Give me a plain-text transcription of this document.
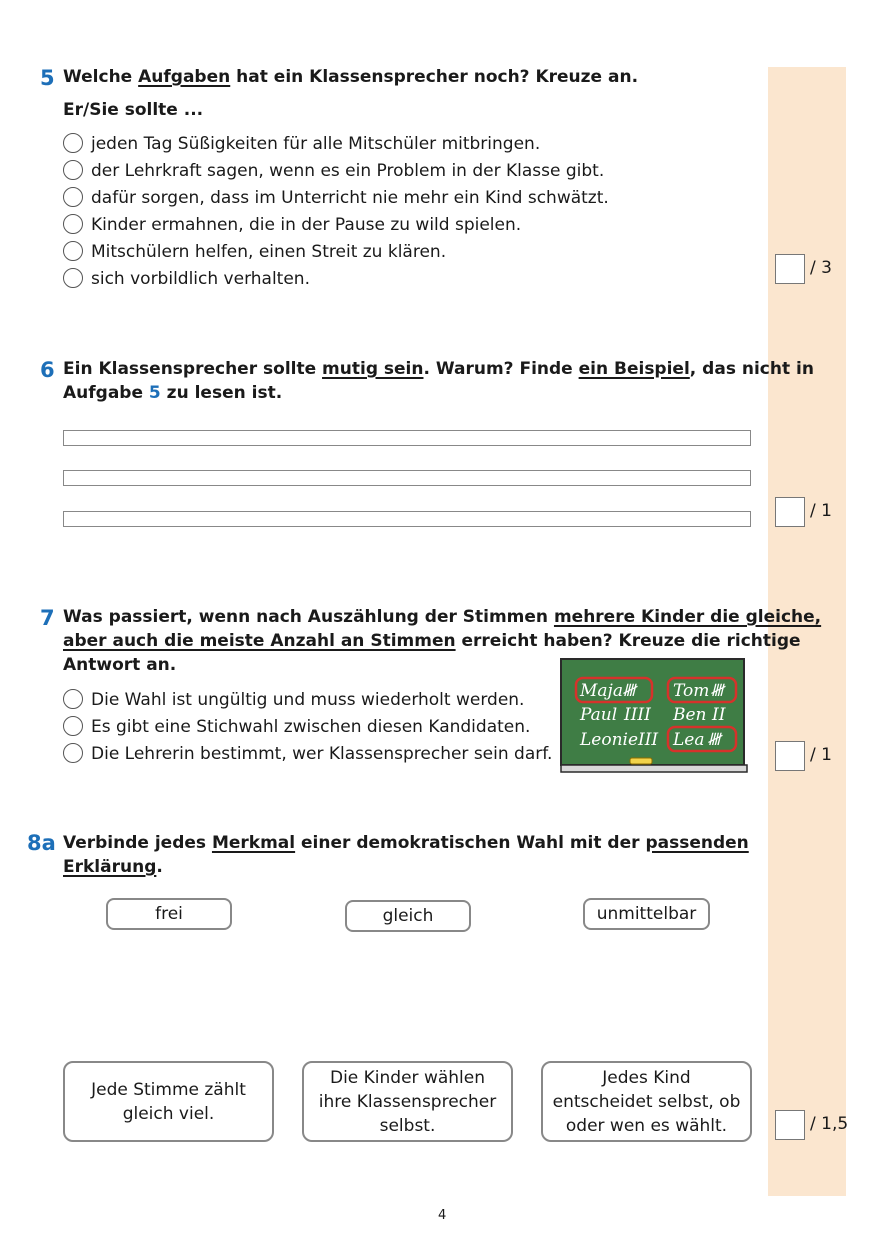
5 Welche Aufgaben hat ein Klassensprecher noch? Kreuze an.
Er/Sie sollte ...
jeden Tag Süßigkeiten für alle Mitschüler mitbringen.
der Lehrkraft sagen, wenn es ein Problem in der Klasse gibt.
dafür sorgen, dass im Unterricht nie mehr ein Kind schwätzt.
Kinder ermahnen, die in der Pause zu wild spielen.
Mitschülern helfen, einen Streit zu klären.
sich vorbildlich verhalten.
/ 3
6 Ein Klassensprecher sollte mutig sein. Warum? Finde ein Beispiel, das nicht in
Aufgabe 5 zu lesen ist.
/ 1
7 Was passiert, wenn nach Auszählung der Stimmen mehrere Kinder die gleiche,
aber auch die meiste Anzahl an Stimmen erreicht haben? Kreuze die richtige
Antwort an.
Die Wahl ist ungültig und muss wiederholt werden.
Es gibt eine Stichwahl zwischen diesen Kandidaten.
Die Lehrerin bestimmt, wer Klassensprecher sein darf.
Maja 𝍸 Tom 𝍸
Paul IIII Ben II
Leonie III Lea 𝍸
/ 1
8a Verbinde jedes Merkmal einer demokratischen Wahl mit der passenden
Erklärung.
frei	gleich	unmittelbar
Jede Stimme zählt gleich viel.
Die Kinder wählen ihre Klassensprecher selbst.
Jedes Kind entscheidet selbst, ob oder wen es wählt.	/ 1,5
4
